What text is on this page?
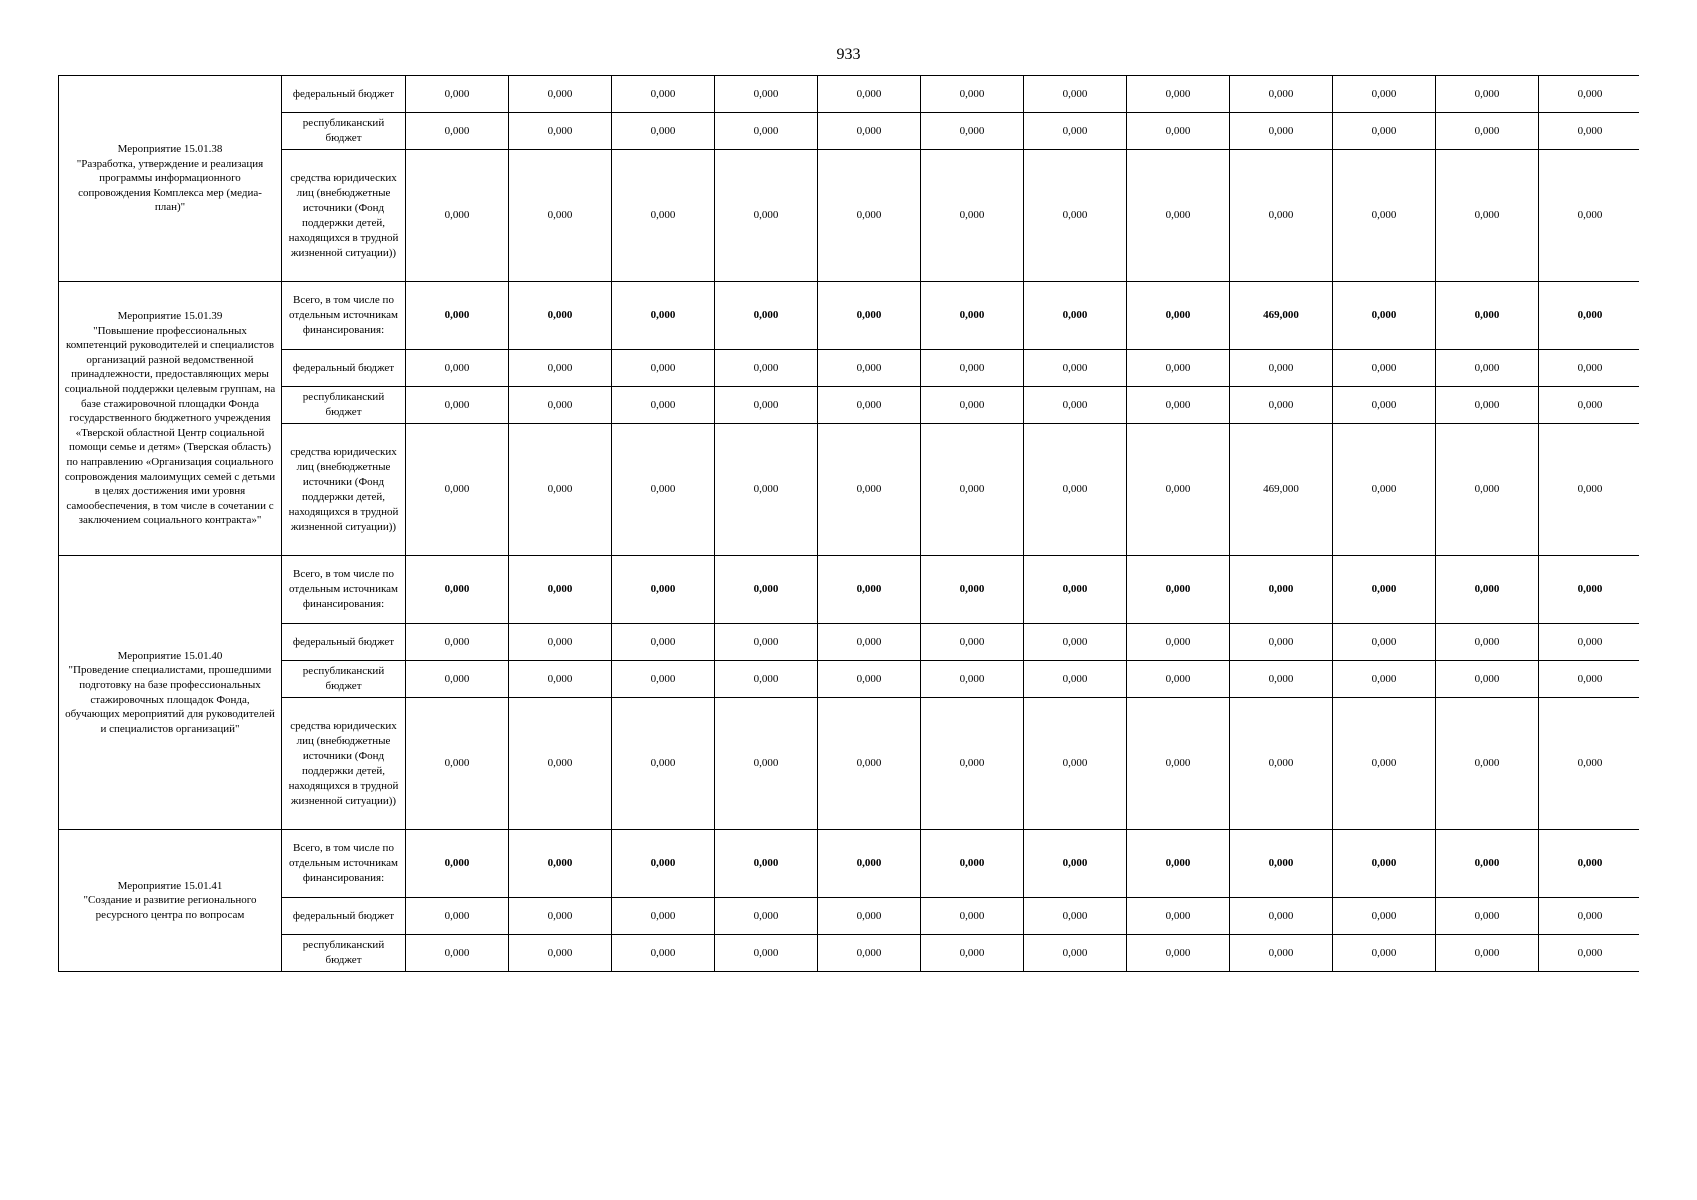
933
Мероприятие 15.01.38
"Разработка, утверждение и реализация программы информационного сопровождения Комплекса мер (медиа-план)"	федеральный бюджет	0,000	0,000	0,000	0,000	0,000	0,000	0,000	0,000	0,000	0,000	0,000	0,000
	республиканский бюджет	0,000	0,000	0,000	0,000	0,000	0,000	0,000	0,000	0,000	0,000	0,000	0,000
	средства юридических лиц (внебюджетные источники (Фонд поддержки детей, находящихся в трудной жизненной ситуации))	0,000	0,000	0,000	0,000	0,000	0,000	0,000	0,000	0,000	0,000	0,000	0,000

Мероприятие 15.01.39
"Повышение профессиональных компетенций руководителей и специалистов организаций разной ведомственной принадлежности, предоставляющих меры социальной поддержки целевым группам, на базе стажировочной площадки Фонда государственного бюджетного учреждения «Тверской областной Центр социальной помощи семье и детям» (Тверская область) по направлению «Организация социального сопровождения малоимущих семей с детьми в целях достижения ими уровня самообеспечения, в том числе в сочетании с заключением социального контракта»"	Всего, в том числе по отдельным источникам финансирования:	0,000	0,000	0,000	0,000	0,000	0,000	0,000	0,000	469,000	0,000	0,000	0,000
	федеральный бюджет	0,000	0,000	0,000	0,000	0,000	0,000	0,000	0,000	0,000	0,000	0,000	0,000
	республиканский бюджет	0,000	0,000	0,000	0,000	0,000	0,000	0,000	0,000	0,000	0,000	0,000	0,000
	средства юридических лиц (внебюджетные источники (Фонд поддержки детей, находящихся в трудной жизненной ситуации))	0,000	0,000	0,000	0,000	0,000	0,000	0,000	0,000	469,000	0,000	0,000	0,000

Мероприятие 15.01.40
"Проведение специалистами, прошедшими подготовку на базе профессиональных стажировочных площадок Фонда, обучающих мероприятий для руководителей и специалистов организаций"	Всего, в том числе по отдельным источникам финансирования:	0,000	0,000	0,000	0,000	0,000	0,000	0,000	0,000	0,000	0,000	0,000	0,000
	федеральный бюджет	0,000	0,000	0,000	0,000	0,000	0,000	0,000	0,000	0,000	0,000	0,000	0,000
	республиканский бюджет	0,000	0,000	0,000	0,000	0,000	0,000	0,000	0,000	0,000	0,000	0,000	0,000
	средства юридических лиц (внебюджетные источники (Фонд поддержки детей, находящихся в трудной жизненной ситуации))	0,000	0,000	0,000	0,000	0,000	0,000	0,000	0,000	0,000	0,000	0,000	0,000

Мероприятие 15.01.41
"Создание и развитие регионального ресурсного центра по вопросам	Всего, в том числе по отдельным источникам финансирования:	0,000	0,000	0,000	0,000	0,000	0,000	0,000	0,000	0,000	0,000	0,000	0,000
	федеральный бюджет	0,000	0,000	0,000	0,000	0,000	0,000	0,000	0,000	0,000	0,000	0,000	0,000
	республиканский бюджет	0,000	0,000	0,000	0,000	0,000	0,000	0,000	0,000	0,000	0,000	0,000	0,000
